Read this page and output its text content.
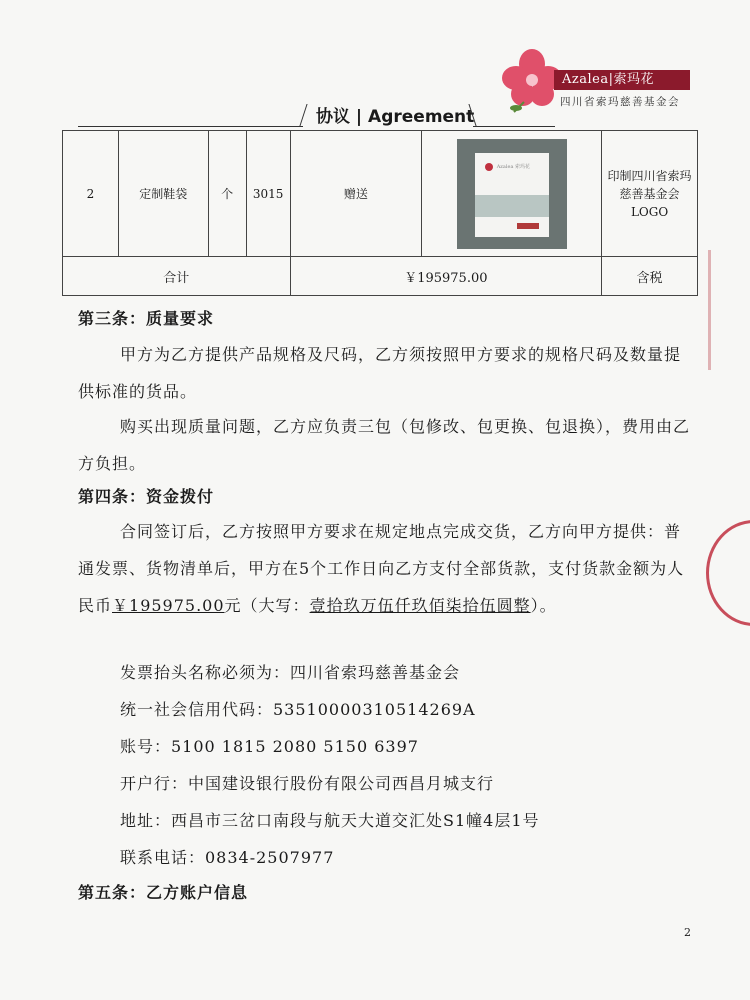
Azalea|索玛花
四川省索玛慈善基金会
协议 | Agreement
2	定制鞋袋	个	3015	赠送	Azalea 索玛花	印制四川省索玛慈善基金会LOGO
合计				￥195975.00		含税
第三条：质量要求
甲方为乙方提供产品规格及尺码，乙方须按照甲方要求的规格尺码及数量提供标准的货品。
购买出现质量问题，乙方应负责三包（包修改、包更换、包退换），费用由乙方负担。
第四条：资金拨付
合同签订后，乙方按照甲方要求在规定地点完成交货，乙方向甲方提供：普通发票、货物清单后，甲方在5个工作日向乙方支付全部货款，支付货款金额为人民币￥195975.00元（大写：壹拾玖万伍仟玖佰柒拾伍圆整）。
发票抬头名称必须为：四川省索玛慈善基金会
统一社会信用代码：53510000310514269A
账号：5100 1815 2080 5150 6397
开户行：中国建设银行股份有限公司西昌月城支行
地址：西昌市三岔口南段与航天大道交汇处S1幢4层1号
联系电话：0834-2507977
第五条：乙方账户信息
2
